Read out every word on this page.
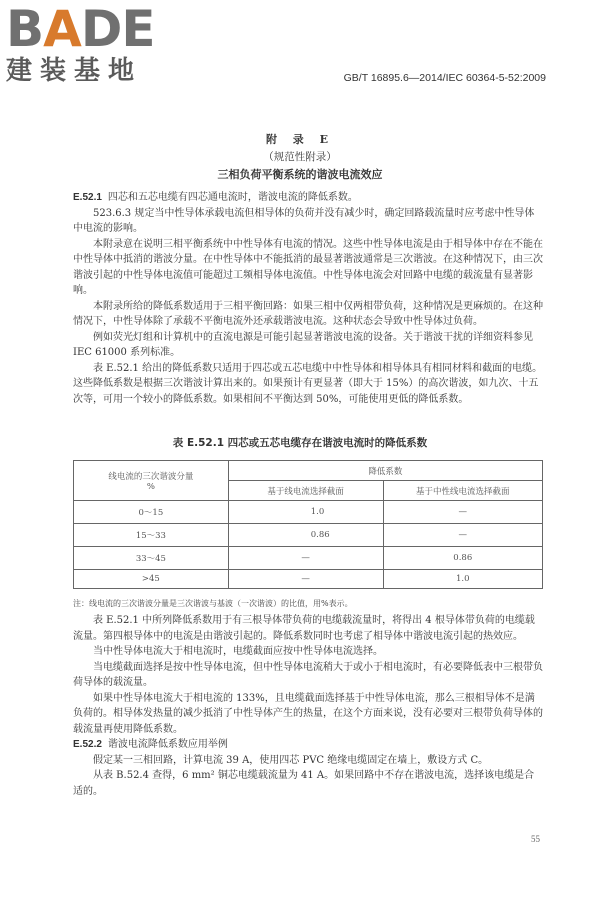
BADE
建装基地	GB/T 16895.6—2014/IEC 60364-5-52:2009
附 录 E
（规范性附录）
三相负荷平衡系统的谐波电流效应

E.52.1 四芯和五芯电缆有四芯通电流时，谐波电流的降低系数。

523.6.3 规定当中性导体承载电流但相导体的负荷并没有减少时，确定回路载流量时应考虑中性导体中电流的影响。

本附录意在说明三相平衡系统中中性导体有电流的情况。这些中性导体电流是由于相导体中存在不能在中性导体中抵消的谐波分量。在中性导体中不能抵消的最显著谐波通常是三次谐波。在这种情况下，由三次谐波引起的中性导体电流值可能超过工频相导体电流值。中性导体电流会对回路中电缆的载流量有显著影响。

本附录所给的降低系数适用于三相平衡回路：如果三相中仅两相带负荷，这种情况是更麻烦的。在这种情况下，中性导体除了承载不平衡电流外还承载谐波电流。这种状态会导致中性导体过负荷。

例如荧光灯组和计算机中的直流电源是可能引起显著谐波电流的设备。关于谐波干扰的详细资料参见 IEC 61000 系列标准。

表 E.52.1 给出的降低系数只适用于四芯或五芯电缆中中性导体和相导体具有相同材料和截面的电缆。这些降低系数是根据三次谐波计算出来的。如果预计有更显著（即大于 15%）的高次谐波，如九次、十五次等，可用一个较小的降低系数。如果相间不平衡达到 50%，可能使用更低的降低系数。

表 E.52.1 四芯或五芯电缆存在谐波电流时的降低系数
线电流的三次谐波分量
%	降低系数	
	基于线电流选择截面	基于中性线电流选择截面
0～15	1.0	—
15～33	0.86	—
33～45	—	0.86
>45	—	1.0
注：线电流的三次谐波分量是三次谐波与基波（一次谐波）的比值，用%表示。

表 E.52.1 中所列降低系数用于有三根导体带负荷的电缆载流量时，将得出 4 根导体带负荷的电缆载流量。第四根导体中的电流是由谐波引起的。降低系数同时也考虑了相导体中谐波电流引起的热效应。

当中性导体电流大于相电流时，电缆截面应按中性导体电流选择。

当电缆截面选择是按中性导体电流，但中性导体电流稍大于或小于相电流时，有必要降低表中三根带负荷导体的载流量。

如果中性导体电流大于相电流的 133%，且电缆截面选择基于中性导体电流，那么三根相导体不是满负荷的。相导体发热量的减少抵消了中性导体产生的热量，在这个方面来说，没有必要对三根带负荷导体的载流量再使用降低系数。

E.52.2 谐波电流降低系数应用举例

假定某一三相回路，计算电流 39 A，使用四芯 PVC 绝缘电缆固定在墙上，敷设方式 C。

从表 B.52.4 查得，6 mm² 铜芯电缆载流量为 41 A。如果回路中不存在谐波电流，选择该电缆是合适的。

55
